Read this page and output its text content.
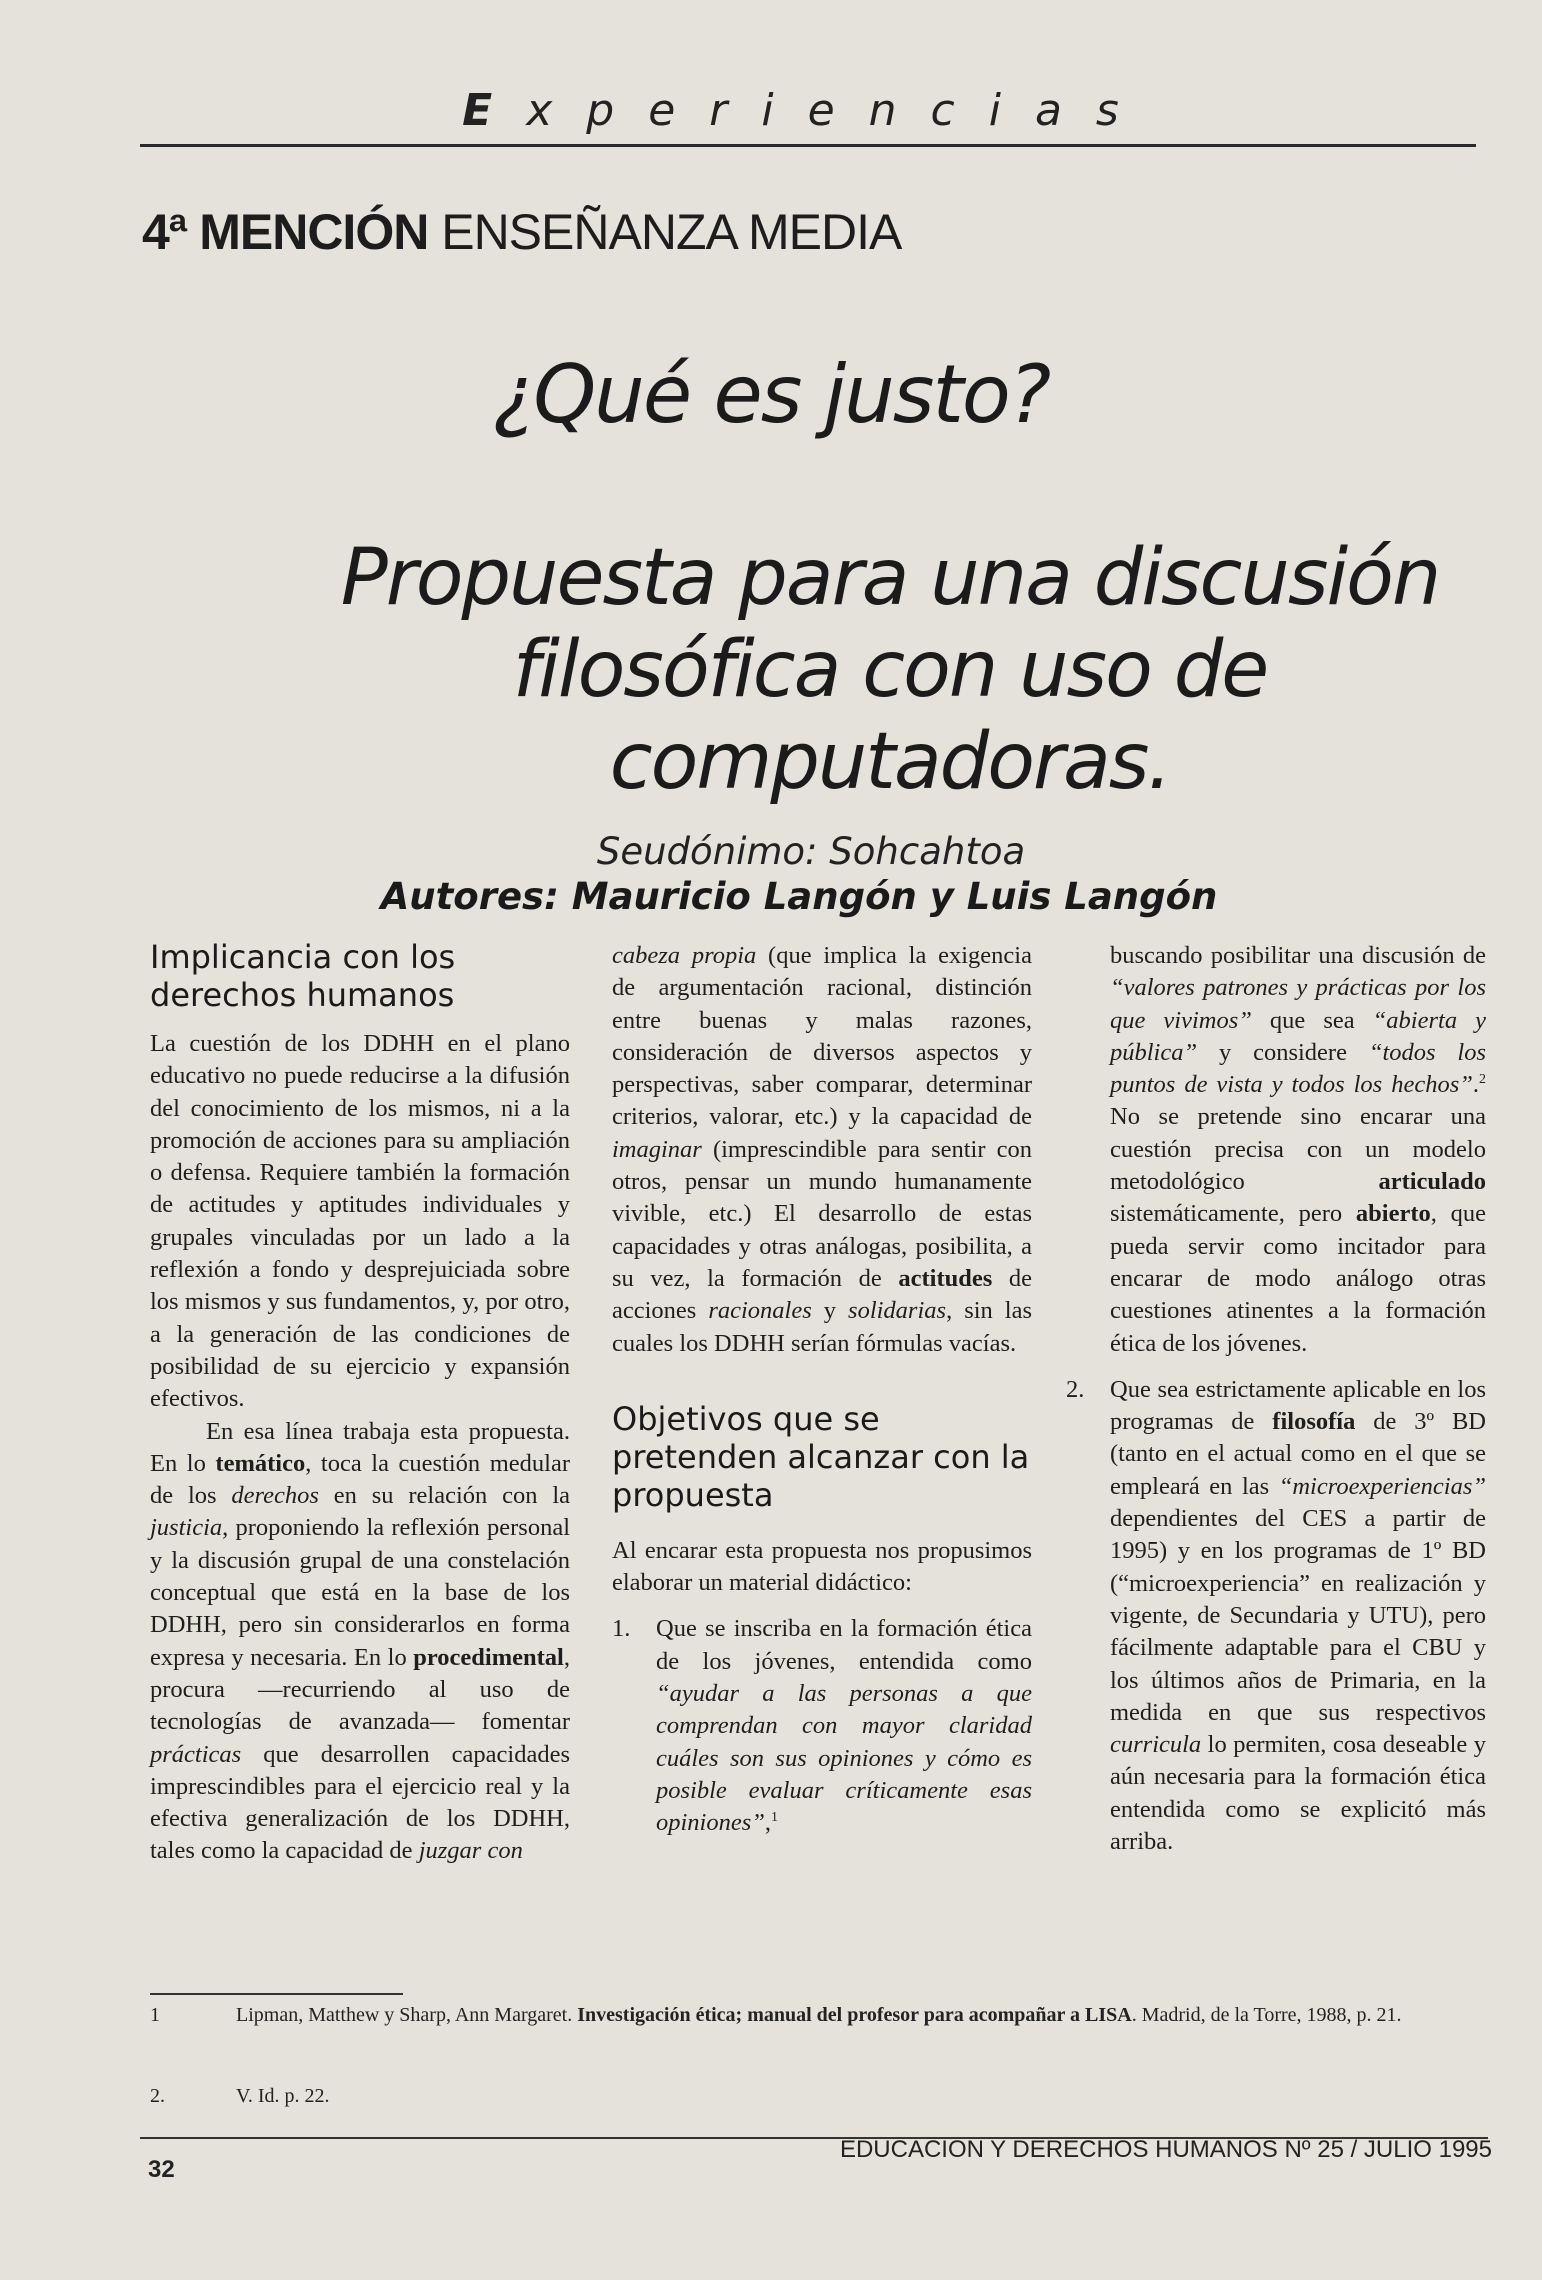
Experiencias
4ª MENCIÓN ENSEÑANZA MEDIA
¿Qué es justo?
Propuesta para una discusión
filosófica con uso de
computadoras.
Seudónimo: Sohcahtoa
Autores: Mauricio Langón y Luis Langón
Implicancia con los derechos humanos

La cuestión de los DDHH en el plano educativo no puede reducirse a la difusión del conocimiento de los mismos, ni a la promoción de acciones para su ampliación o defensa. Requiere también la formación de actitudes y aptitudes individuales y grupales vinculadas por un lado a la reflexión a fondo y desprejuiciada sobre los mismos y sus fundamentos, y, por otro, a la generación de las condiciones de posibilidad de su ejercicio y expansión efectivos.

En esa línea trabaja esta propuesta. En lo temático, toca la cuestión medular de los derechos en su relación con la justicia, proponiendo la reflexión personal y la discusión grupal de una constelación conceptual que está en la base de los DDHH, pero sin considerarlos en forma expresa y necesaria. En lo procedimental, procura —recurriendo al uso de tecnologías de avanzada— fomentar prácticas que desarrollen capacidades imprescindibles para el ejercicio real y la efectiva generalización de los DDHH, tales como la capacidad de juzgar con

cabeza propia (que implica la exigencia de argumentación racional, distinción entre buenas y malas razones, consideración de diversos aspectos y perspectivas, saber comparar, determinar criterios, valorar, etc.) y la capacidad de imaginar (imprescindible para sentir con otros, pensar un mundo humanamente vivible, etc.) El desarrollo de estas capacidades y otras análogas, posibilita, a su vez, la formación de actitudes de acciones racionales y solidarias, sin las cuales los DDHH serían fórmulas vacías.

Objetivos que se pretenden alcanzar con la propuesta

Al encarar esta propuesta nos propusimos elaborar un material didáctico:

1. Que se inscriba en la formación ética de los jóvenes, entendida como “ayudar a las personas a que comprendan con mayor claridad cuáles son sus opiniones y cómo es posible evaluar críticamente esas opiniones”,$^1$

buscando posibilitar una discusión de “valores patrones y prácticas por los que vivimos” que sea “abierta y pública” y considere “todos los puntos de vista y todos los hechos”.$^2$ No se pretende sino encarar una cuestión precisa con un modelo metodológico articulado sistemáticamente, pero abierto, que pueda servir como incitador para encarar de modo análogo otras cuestiones atinentes a la formación ética de los jóvenes.

2. Que sea estrictamente aplicable en los programas de filosofía de 3º BD (tanto en el actual como en el que se empleará en las “microexperiencias” dependientes del CES a partir de 1995) y en los programas de 1º BD (“microexperiencia” en realización y vigente, de Secundaria y UTU), pero fácilmente adaptable para el CBU y los últimos años de Primaria, en la medida en que sus respectivos curricula lo permiten, cosa deseable y aún necesaria para la formación ética entendida como se explicitó más arriba.
1	Lipman, Matthew y Sharp, Ann Margaret. Investigación ética; manual del profesor para acompañar a LISA. Madrid, de la Torre, 1988, p. 21.
2.	V. Id. p. 22.
EDUCACION Y DERECHOS HUMANOS Nº 25 / JULIO 1995
32
